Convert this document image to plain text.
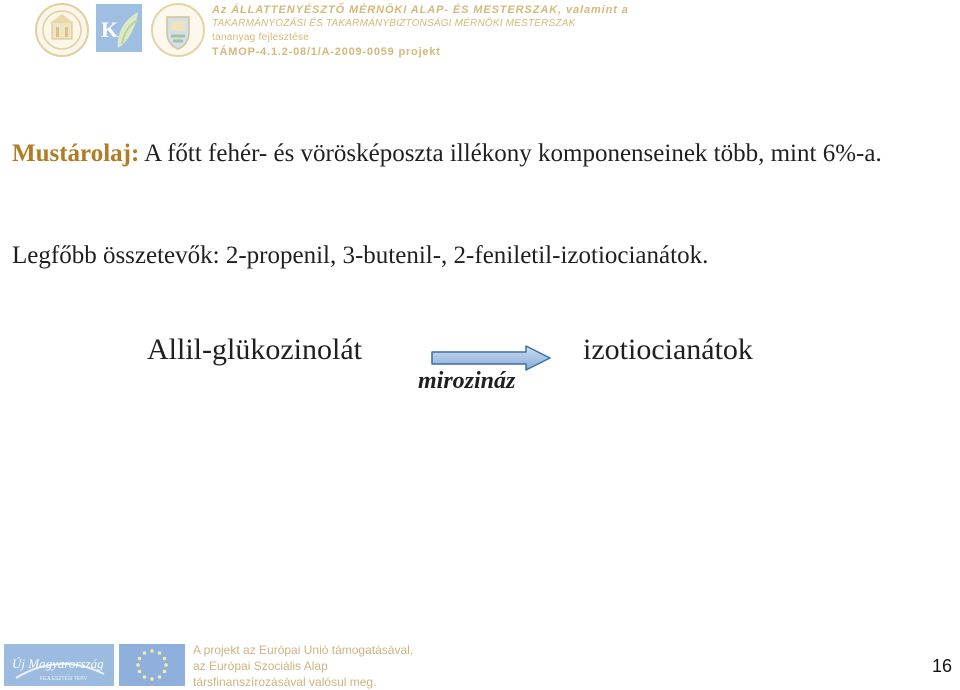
K
Az ÁLLATTENYÉSZTŐ MÉRNÖKI ALAP- ÉS MESTERSZAK, valamint a
TAKARMÁNYOZÁSI ÉS TAKARMÁNYBIZTONSÁGI MÉRNÖKI MESTERSZAK
tananyag fejlesztése
TÁMOP-4.1.2-08/1/A-2009-0059 projekt
Mustárolaj: A főtt fehér- és vörösképoszta illékony komponenseinek több, mint 6%-a.
Legfőbb összetevők: 2-propenil, 3-butenil-, 2-feniletil-izotiocianátok.
Allil-glükozinolát	izotiocianátok
mirozináz
Új Magyarország
FEJLESZTÉSI TERV
A projekt az Európai Unió támogatásával,
az Európai Szociális Alap
társfinanszírozásával valósul meg.
16
